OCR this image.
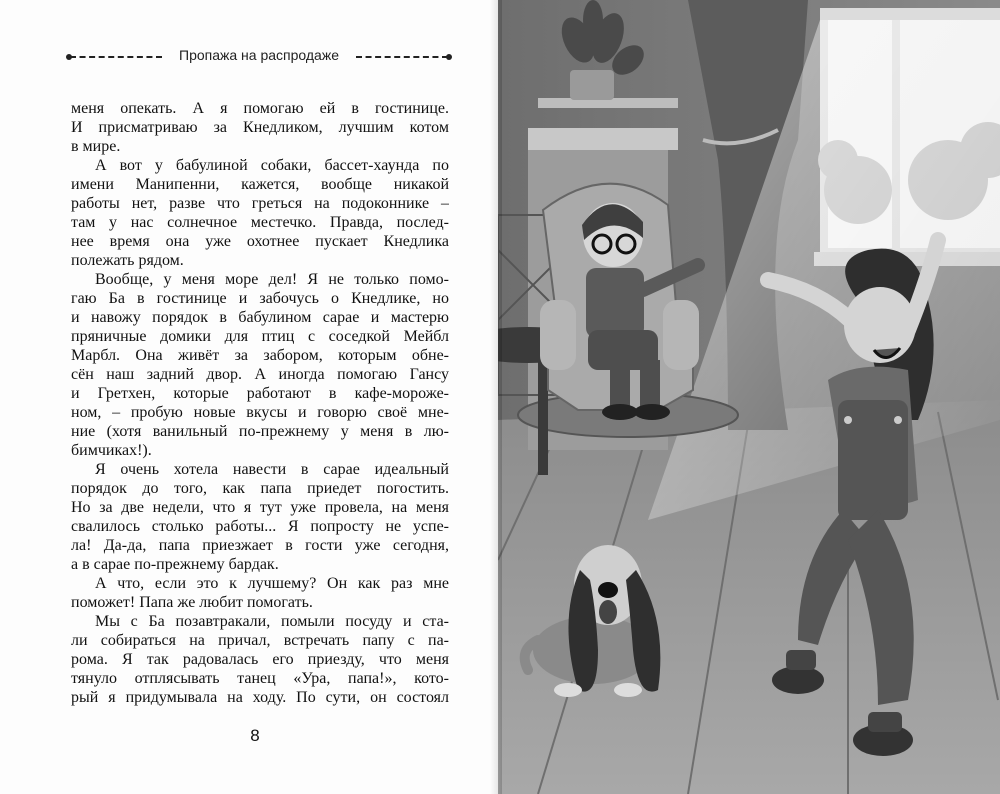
Пропажа на распродаже
меня опекать. А я помогаю ей в гостинице.
И присматриваю за Кнедликом, лучшим котом
в мире.
А вот у бабулиной собаки, бассет-хаунда по
имени Манипенни, кажется, вообще никакой
работы нет, разве что греться на подоконнике –
там у нас солнечное местечко. Правда, послед-
нее время она уже охотнее пускает Кнедлика
полежать рядом.
Вообще, у меня море дел! Я не только помо-
гаю Ба в гостинице и забочусь о Кнедлике, но
и навожу порядок в бабулином сарае и мастерю
пряничные домики для птиц с соседкой Мейбл
Марбл. Она живёт за забором, которым обне-
сён наш задний двор. А иногда помогаю Гансу
и Гретхен, которые работают в кафе-мороже-
ном, – пробую новые вкусы и говорю своё мне-
ние (хотя ванильный по-прежнему у меня в лю-
бимчиках!).
Я очень хотела навести в сарае идеальный
порядок до того, как папа приедет погостить.
Но за две недели, что я тут уже провела, на меня
свалилось столько работы... Я попросту не успе-
ла! Да-да, папа приезжает в гости уже сегодня,
а в сарае по-прежнему бардак.
А что, если это к лучшему? Он как раз мне
поможет! Папа же любит помогать.
Мы с Ба позавтракали, помыли посуду и ста-
ли собираться на причал, встречать папу с па-
рома. Я так радовалась его приезду, что меня
тянуло отплясывать танец «Ура, папа!», кото-
рый я придумывала на ходу. По сути, он состоял
8
